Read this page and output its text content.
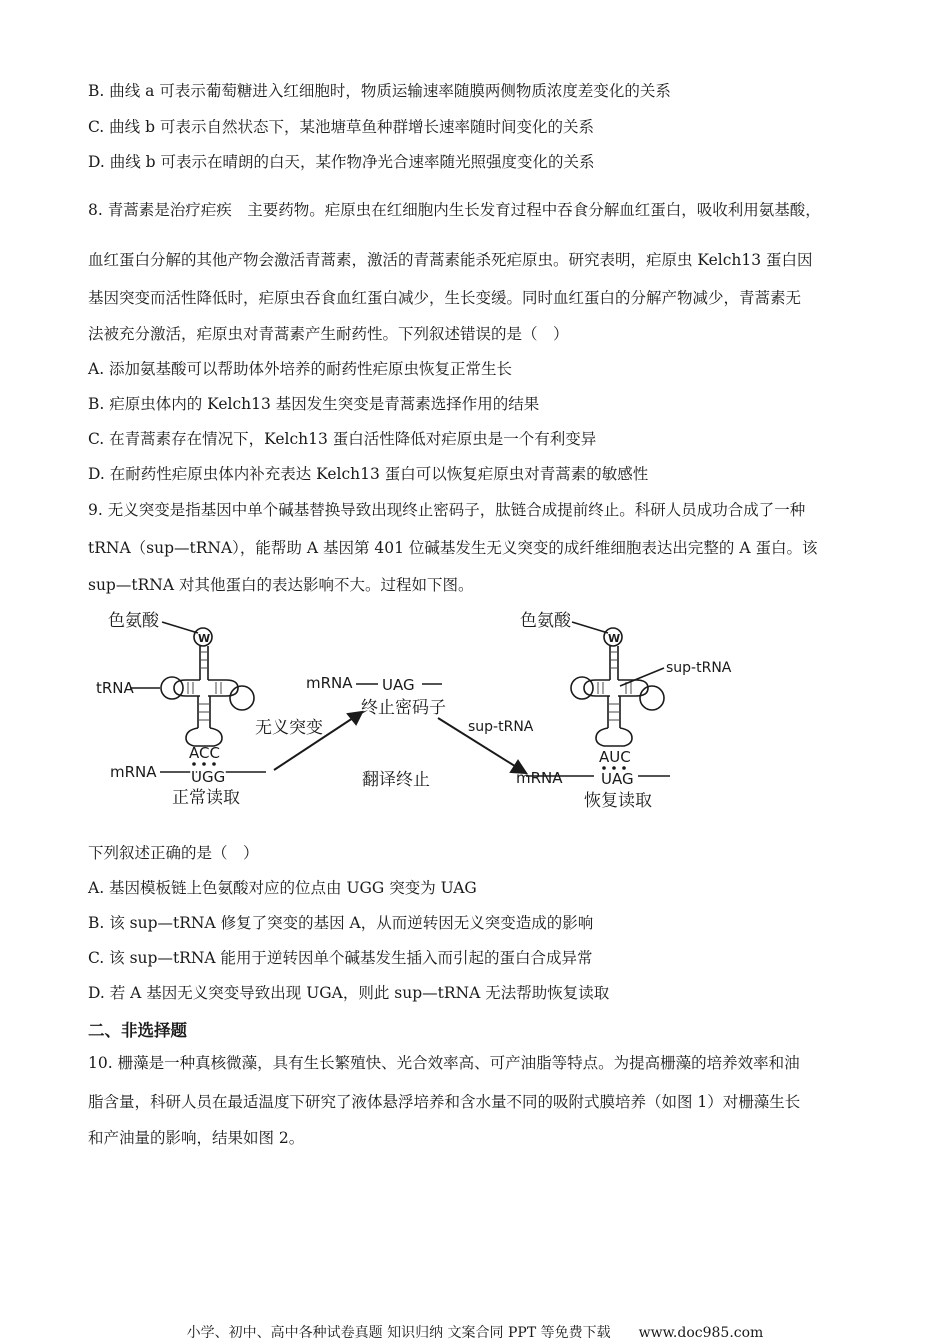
B. 曲线 a 可表示葡萄糖进入红细胞时，物质运输速率随膜两侧物质浓度差变化的关系
C. 曲线 b 可表示自然状态下，某池塘草鱼种群增长速率随时间变化的关系
D. 曲线 b 可表示在晴朗的白天，某作物净光合速率随光照强度变化的关系
8. 青蒿素是治疗疟疾　主要药物。疟原虫在红细胞内生长发育过程中吞食分解血红蛋白，吸收利用氨基酸，
血红蛋白分解的其他产物会激活青蒿素，激活的青蒿素能杀死疟原虫。研究表明，疟原虫 Kelch13 蛋白因
基因突变而活性降低时，疟原虫吞食血红蛋白减少，生长变缓。同时血红蛋白的分解产物减少，青蒿素无
法被充分激活，疟原虫对青蒿素产生耐药性。下列叙述错误的是（　）
A. 添加氨基酸可以帮助体外培养的耐药性疟原虫恢复正常生长
B. 疟原虫体内的 Kelch13 基因发生突变是青蒿素选择作用的结果
C. 在青蒿素存在情况下，Kelch13 蛋白活性降低对疟原虫是一个有利变异
D. 在耐药性疟原虫体内补充表达 Kelch13 蛋白可以恢复疟原虫对青蒿素的敏感性
9. 无义突变是指基因中单个碱基替换导致出现终止密码子，肽链合成提前终止。科研人员成功合成了一种
tRNA（sup—tRNA），能帮助 A 基因第 401 位碱基发生无义突变的成纤维细胞表达出完整的 A 蛋白。该
sup—tRNA 对其他蛋白的表达影响不大。过程如下图。
色氨酸
W
tRNA
ACC
mRNA UGG
正常读取
无义突变
mRNA UAG
终止密码子
翻译终止
sup-tRNA
色氨酸
W
sup-tRNA
AUC
mRNA	UAG
恢复读取
下列叙述正确的是（　）
A. 基因模板链上色氨酸对应的位点由 UGG 突变为 UAG
B. 该 sup—tRNA 修复了突变的基因 A，从而逆转因无义突变造成的影响
C. 该 sup—tRNA 能用于逆转因单个碱基发生插入而引起的蛋白合成异常
D. 若 A 基因无义突变导致出现 UGA，则此 sup—tRNA 无法帮助恢复读取
二、非选择题
10. 栅藻是一种真核微藻，具有生长繁殖快、光合效率高、可产油脂等特点。为提高栅藻的培养效率和油
脂含量，科研人员在最适温度下研究了液体悬浮培养和含水量不同的吸附式膜培养（如图 1）对栅藻生长
和产油量的影响，结果如图 2。
小学、初中、高中各种试卷真题 知识归纳 文案合同 PPT 等免费下载　　www.doc985.com
